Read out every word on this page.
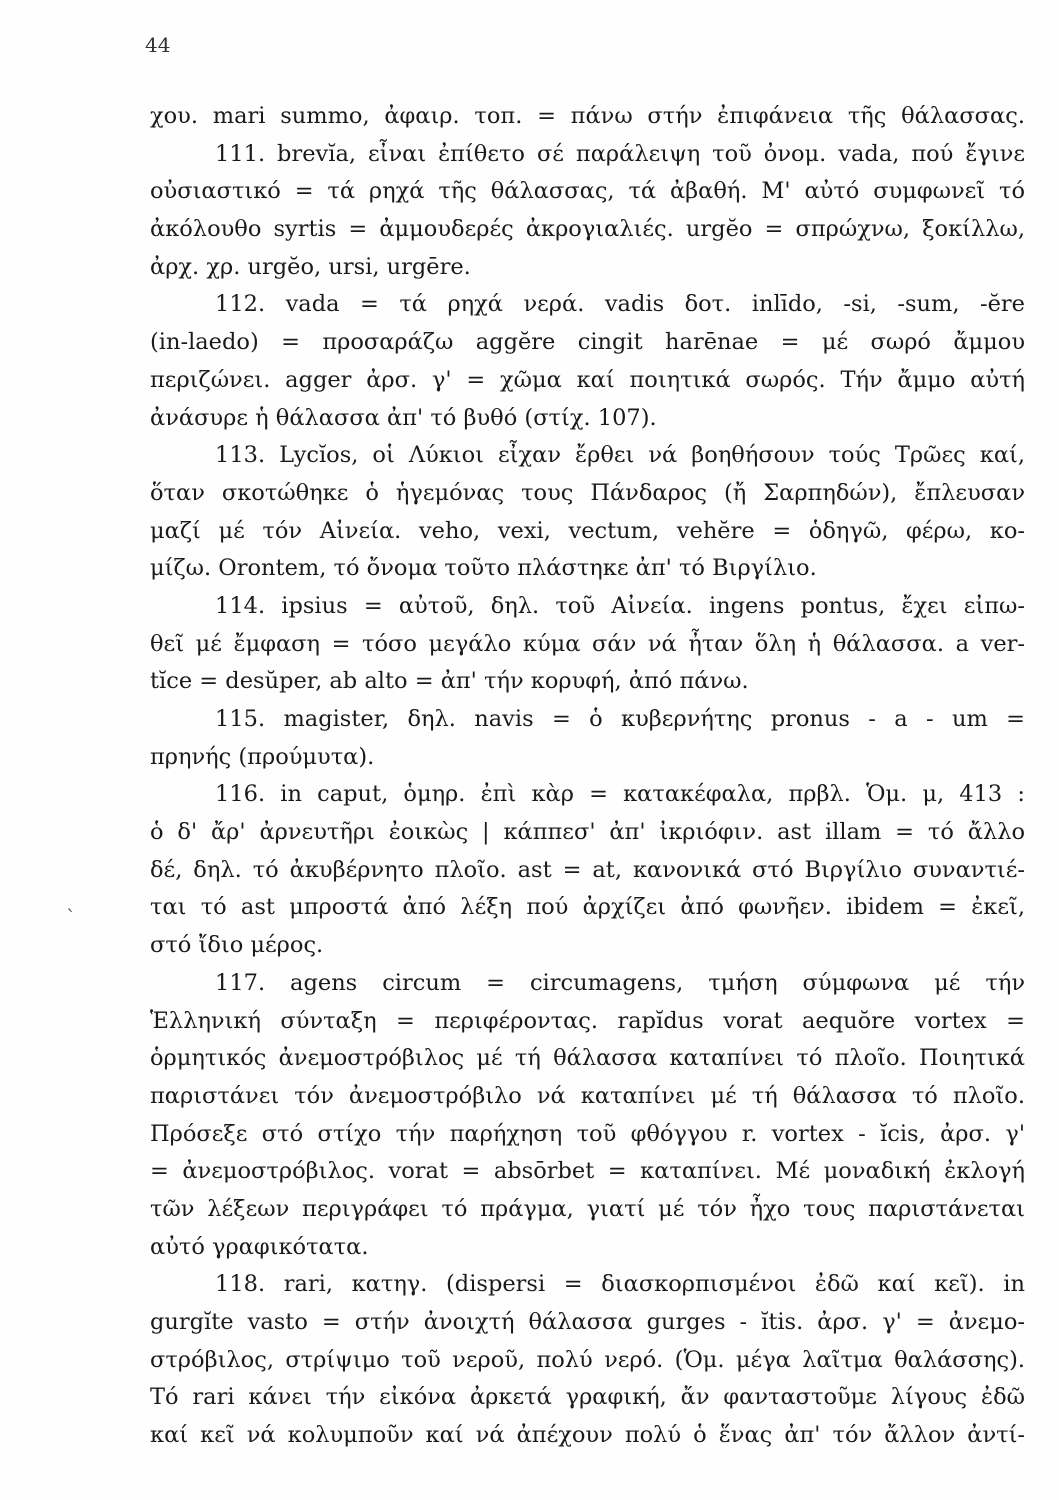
44
`
χου. mari summo, ἀφαιρ. τοπ. = πάνω στήν ἐπιφάνεια τῆς θάλασσας.
111. brevĭa, εἶναι ἐπίθετο σέ παράλειψη τοῦ ὀνομ. vada, πού ἔγινε
οὐσιαστικό = τά ρηχά τῆς θάλασσας, τά ἀβαθή. Μ' αὐτό συμφωνεῖ τό
ἀκόλουθο syrtis = ἀμμουδερές ἀκρογιαλιές. urgĕo = σπρώχνω, ξοκίλλω,
ἀρχ. χρ. urgĕo, ursi, urgēre.
112. vada = τά ρηχά νερά. vadis δοτ. inlīdo, -si, -sum, -ĕre
(in-laedo) = προσαράζω aggĕre cingit harēnae = μέ σωρό ἄμμου
περιζώνει. agger ἀρσ. γ' = χῶμα καί ποιητικά σωρός. Τήν ἄμμο αὐτή
ἀνάσυρε ἡ θάλασσα ἀπ' τό βυθό (στίχ. 107).
113. Lycĭos, οἱ Λύκιοι εἶχαν ἔρθει νά βοηθήσουν τούς Τρῶες καί,
ὅταν σκοτώθηκε ὁ ἡγεμόνας τους Πάνδαρος (ἤ Σαρπηδών), ἔπλευσαν
μαζί μέ τόν Αἰνεία. veho, vexi, vectum, vehĕre = ὁδηγῶ, φέρω, κο-
μίζω. Orontem, τό ὄνομα τοῦτο πλάστηκε ἀπ' τό Βιργίλιο.
114. ipsius = αὐτοῦ, δηλ. τοῦ Αἰνεία. ingens pontus, ἔχει εἰπω-
θεῖ μέ ἔμφαση = τόσο μεγάλο κύμα σάν νά ἦταν ὅλη ἡ θάλασσα. a ver-
tĭce = desŭper, ab alto = ἀπ' τήν κορυφή, ἀπό πάνω.
115. magister, δηλ. navis = ὁ κυβερνήτης pronus - a - um =
πρηνής (προύμυτα).
116. in caput, ὁμηρ. ἐπὶ κὰρ = κατακέφαλα, πρβλ. Ὁμ. μ, 413 :
ὁ δ' ἄρ' ἀρνευτῆρι ἐοικὼς | κάππεσ' ἀπ' ἰκριόφιν. ast illam = τό ἄλλο
δέ, δηλ. τό ἀκυβέρνητο πλοῖο. ast = at, κανονικά στό Βιργίλιο συναντιέ-
ται τό ast μπροστά ἀπό λέξη πού ἀρχίζει ἀπό φωνῆεν. ibidem = ἐκεῖ,
στό ἴδιο μέρος.
117. agens circum = circumagens, τμήση σύμφωνα μέ τήν
Ἑλληνική σύνταξη = περιφέροντας. rapĭdus vorat aequŏre vortex =
ὁρμητικός ἀνεμοστρόβιλος μέ τή θάλασσα καταπίνει τό πλοῖο. Ποιητικά
παριστάνει τόν ἀνεμοστρόβιλο νά καταπίνει μέ τή θάλασσα τό πλοῖο.
Πρόσεξε στό στίχο τήν παρήχηση τοῦ φθόγγου r. vortex - ĭcis, ἀρσ. γ'
= ἀνεμοστρόβιλος. vorat = absōrbet = καταπίνει. Μέ μοναδική ἐκλογή
τῶν λέξεων περιγράφει τό πράγμα, γιατί μέ τόν ἦχο τους παριστάνεται
αὐτό γραφικότατα.
118. rari, κατηγ. (dispersi = διασκορπισμένοι ἐδῶ καί κεῖ). in
gurgĭte vasto = στήν ἀνοιχτή θάλασσα gurges - ĭtis. ἀρσ. γ' = ἀνεμο-
στρόβιλος, στρίψιμο τοῦ νεροῦ, πολύ νερό. (Ὁμ. μέγα λαῖτμα θαλάσσης).
Τό rari κάνει τήν εἰκόνα ἀρκετά γραφική, ἄν φανταστοῦμε λίγους ἐδῶ
καί κεῖ νά κολυμποῦν καί νά ἀπέχουν πολύ ὁ ἕνας ἀπ' τόν ἄλλον ἀντί-
